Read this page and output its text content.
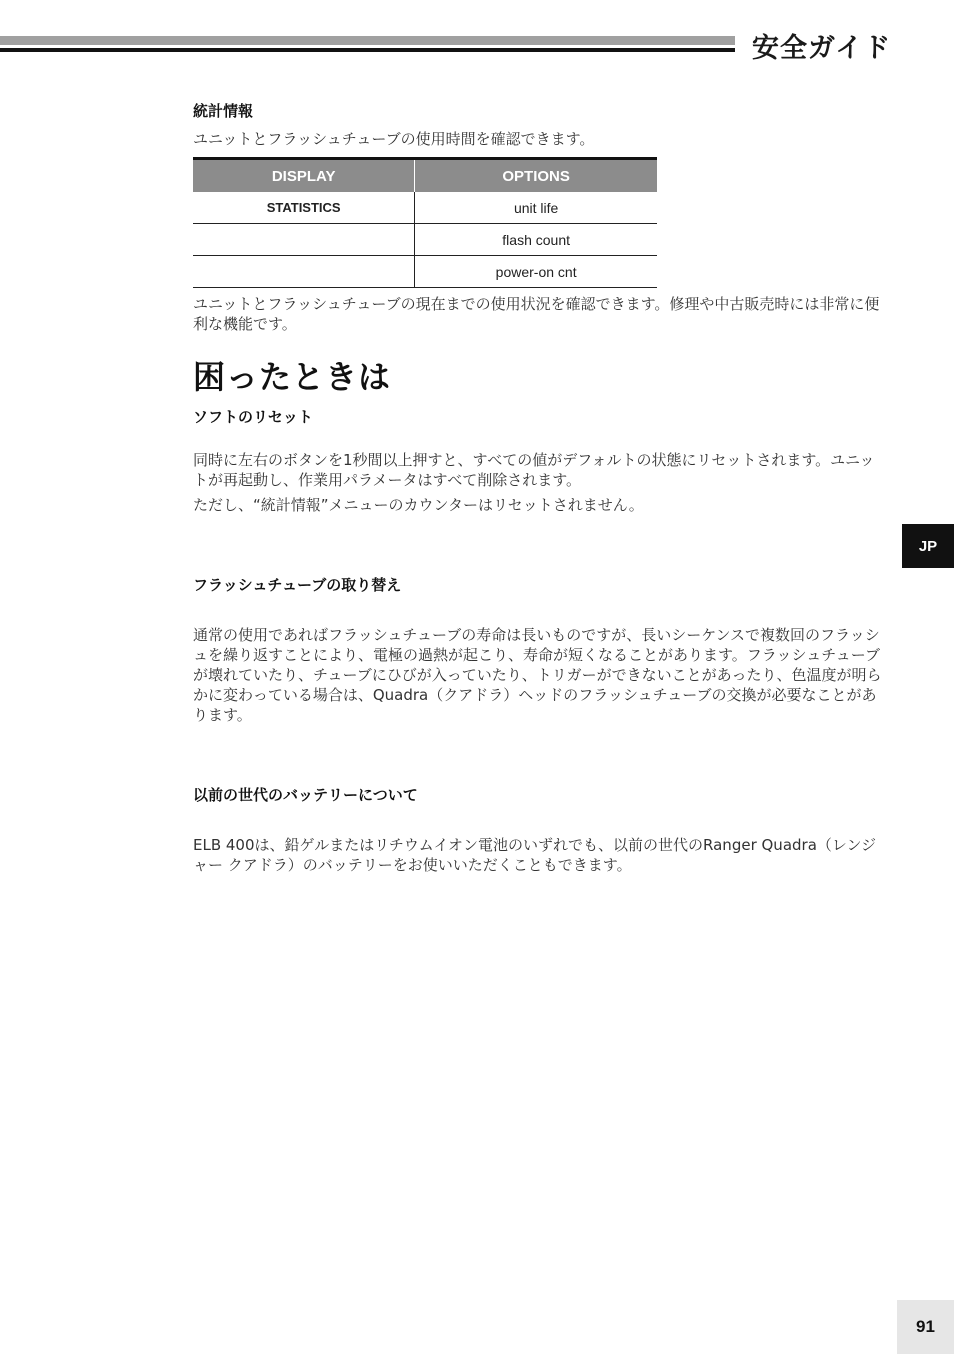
安全ガイド
統計情報

ユニットとフラッシュチューブの使用時間を確認できます。

DISPLAY	OPTIONS
STATISTICS	unit life
	flash count
	power-on cnt

ユニットとフラッシュチューブの現在までの使用状況を確認できます。修理や中古販売時には非常に便利な機能です。

困ったときは
ソフトのリセット

同時に左右のボタンを1秒間以上押すと、すべての値がデフォルトの状態にリセットされます。ユニットが再起動し、作業用パラメータはすべて削除されます。

ただし、“統計情報”メニューのカウンターはリセットされません。

フラッシュチューブの取り替え

通常の使用であればフラッシュチューブの寿命は長いものですが、長いシーケンスで複数回のフラッシュを繰り返すことにより、電極の過熱が起こり、寿命が短くなることがあります。フラッシュチューブが壊れていたり、チューブにひびが入っていたり、トリガーができないことがあったり、色温度が明らかに変わっている場合は、Quadra（クアドラ）ヘッドのフラッシュチューブの交換が必要なことがあります。

以前の世代のバッテリーについて

ELB 400は、鉛ゲルまたはリチウムイオン電池のいずれでも、以前の世代のRanger Quadra（レンジャー クアドラ）のバッテリーをお使いいただくこともできます。

JP
91
